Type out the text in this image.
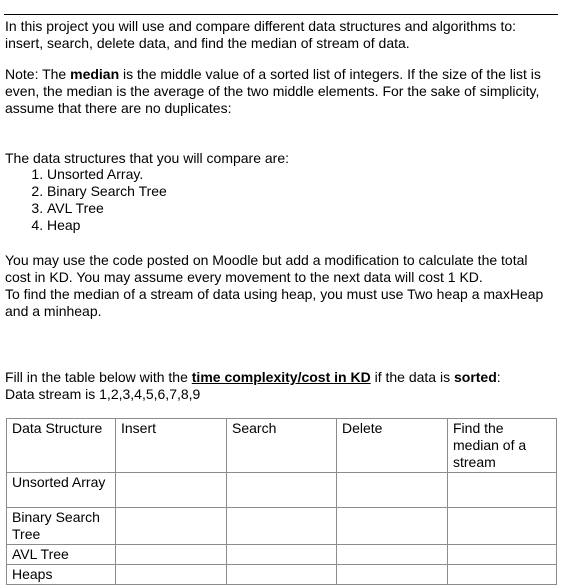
In this project you will use and compare different data structures and algorithms to: insert, search, delete data, and find the median of stream of data.

Note: The median is the middle value of a sorted list of integers. If the size of the list is even, the median is the average of the two middle elements. For the sake of simplicity, assume that there are no duplicates:

The data structures that you will compare are:

1. Unsorted Array.
2. Binary Search Tree
3. AVL Tree
4. Heap
You may use the code posted on Moodle but add a modification to calculate the total cost in KD. You may assume every movement to the next data will cost 1 KD.
To find the median of a stream of data using heap, you must use Two heap a maxHeap and a minheap.
Fill in the table below with the time complexity/cost in KD if the data is sorted:
Data stream is 1,2,3,4,5,6,7,8,9
Data Structure	Insert	Search	Delete	Find the median of a stream
Unsorted Array				
Binary Search Tree				
AVL Tree				
Heaps				
